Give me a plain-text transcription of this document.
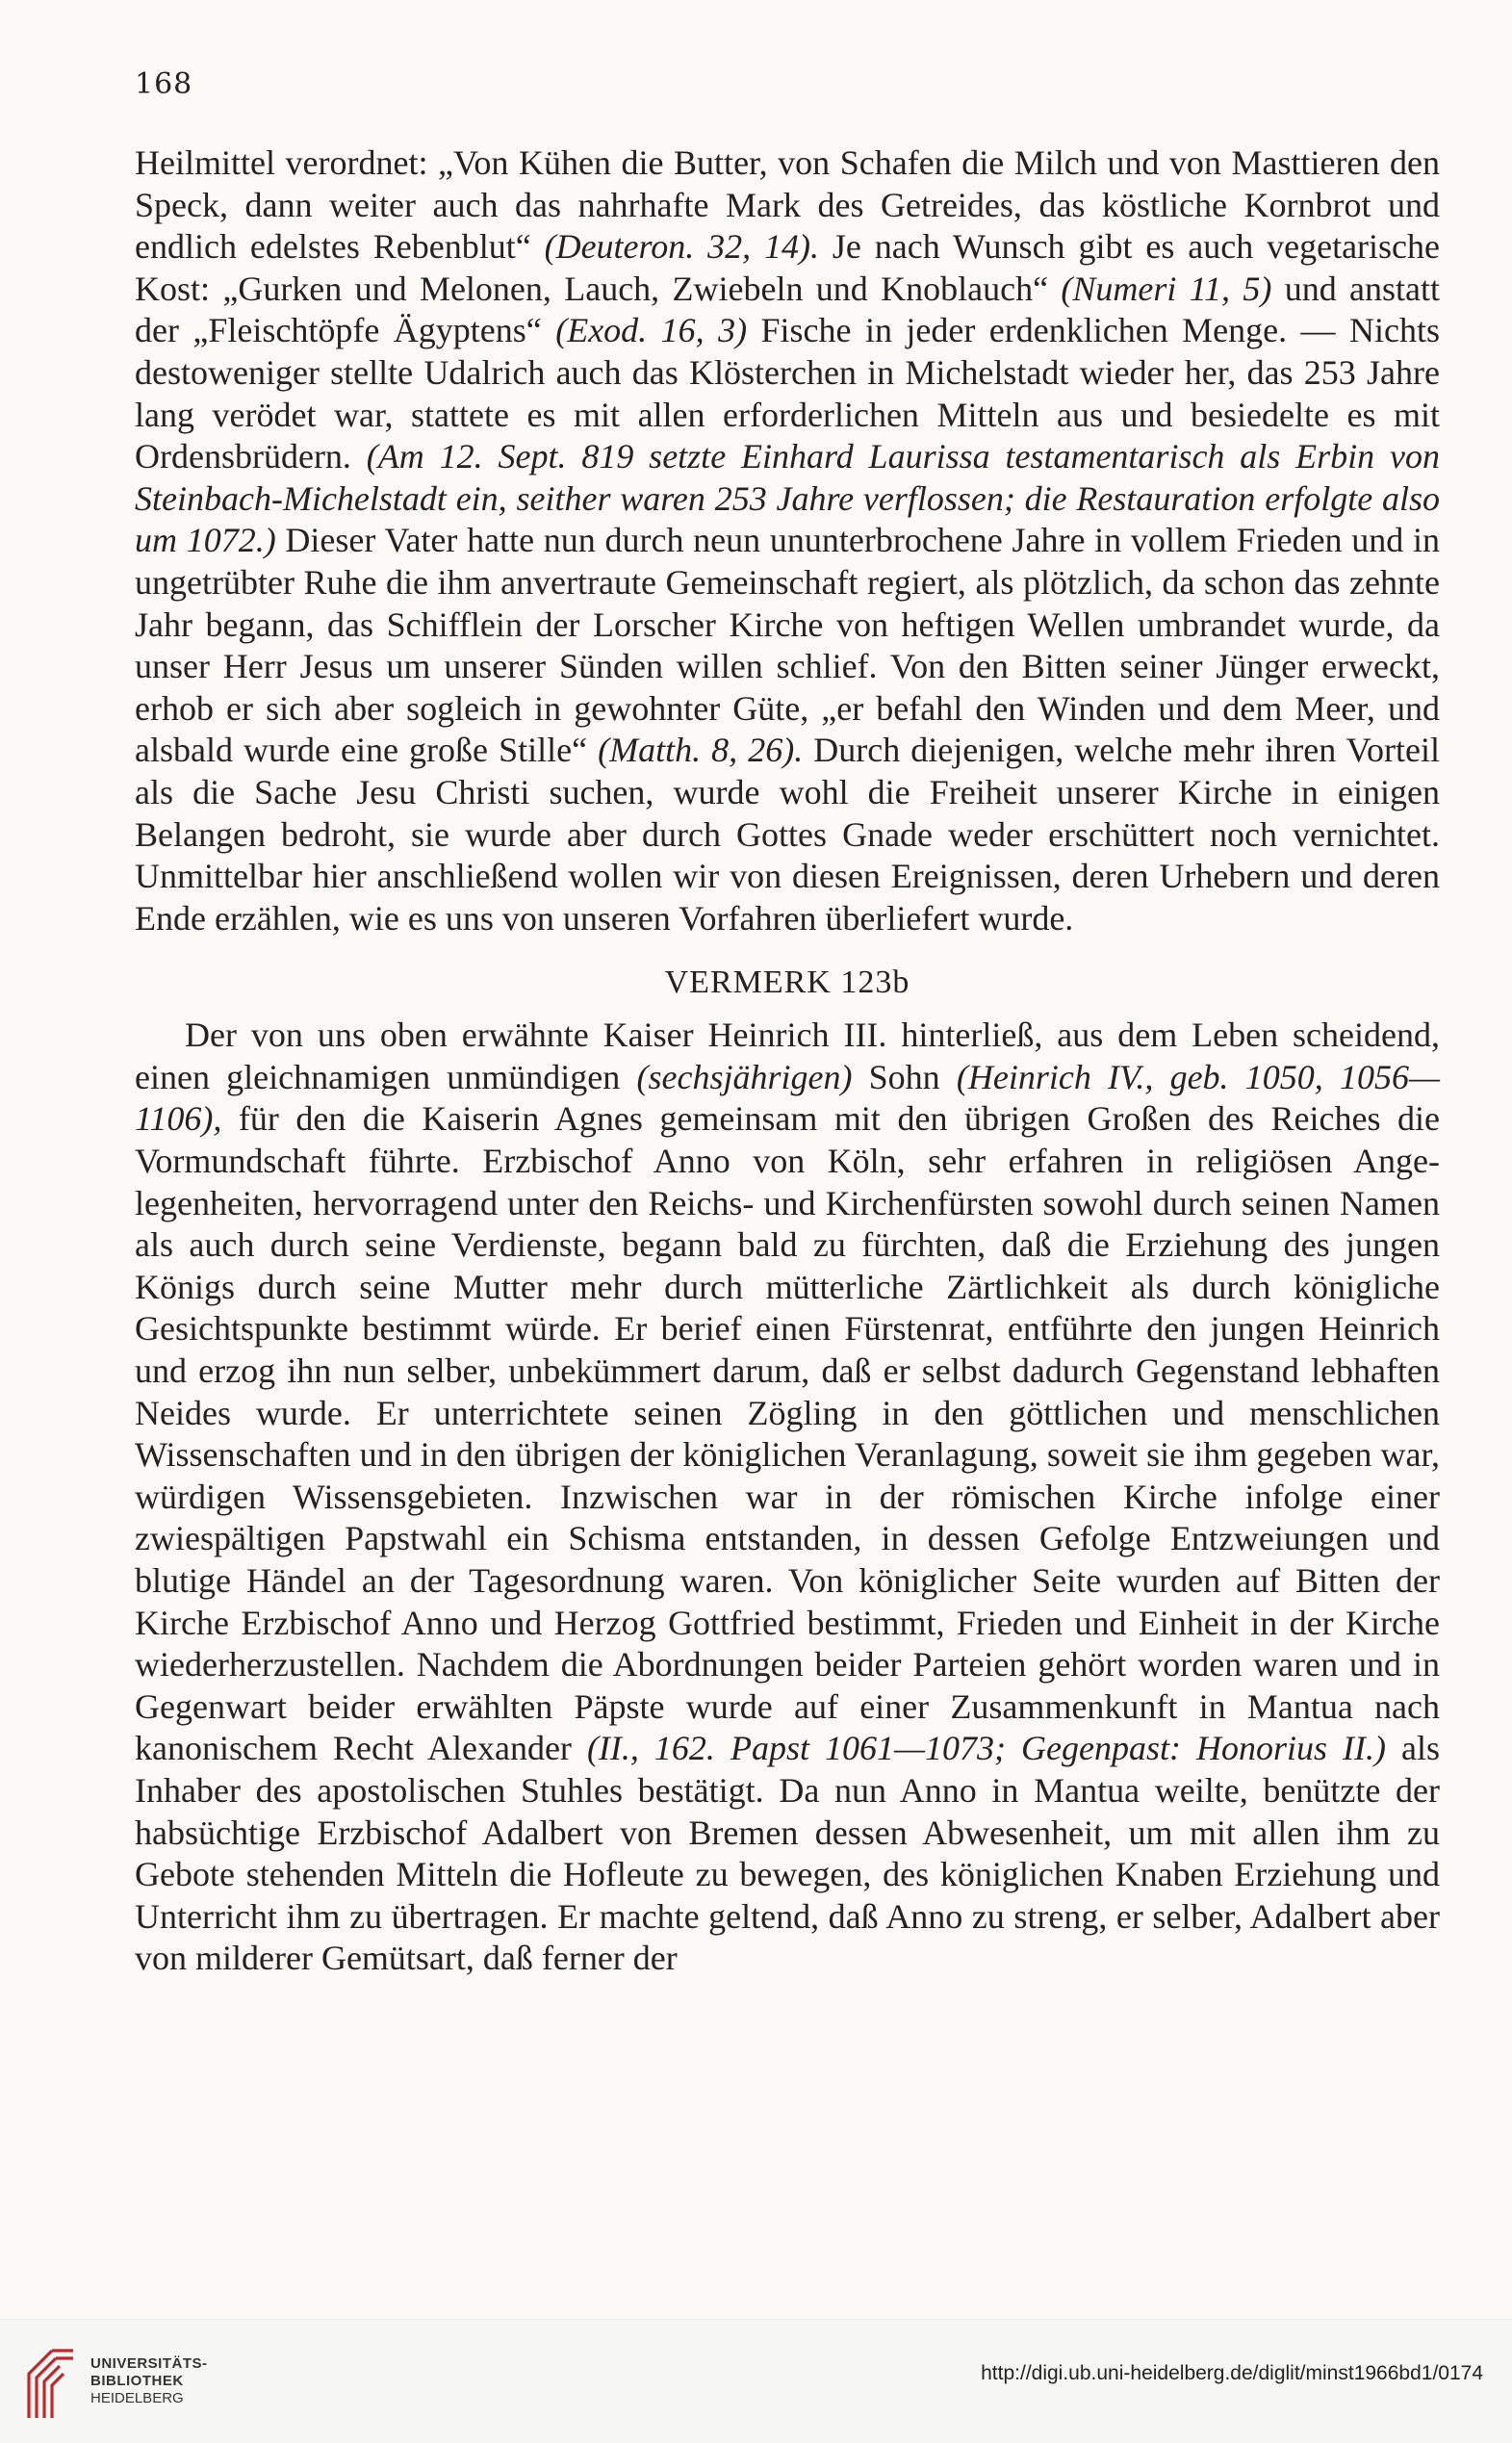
168

Heilmittel verordnet: „Von Kühen die Butter, von Schafen die Milch und von Masttieren den Speck, dann weiter auch das nahrhafte Mark des Getreides, das köstliche Kornbrot und endlich edelstes Rebenblut“ (Deuteron. 32, 14). Je nach Wunsch gibt es auch vegetarische Kost: „Gurken und Melonen, Lauch, Zwiebeln und Knoblauch“ (Numeri 11, 5) und anstatt der „Fleischtöpfe Ägyptens“ (Exod. 16, 3) Fische in jeder erdenklichen Menge. — Nichts destoweniger stellte Udalrich auch das Klösterchen in Michelstadt wieder her, das 253 Jahre lang verödet war, stattete es mit allen erforderlichen Mitteln aus und besiedelte es mit Ordensbrüdern. (Am 12. Sept. 819 setzte Einhard Laurissa testamentarisch als Erbin von Steinbach-Michelstadt ein, seither waren 253 Jahre verflossen; die Restauration erfolgte also um 1072.) Dieser Vater hatte nun durch neun ununterbrochene Jahre in vollem Frieden und in ungetrübter Ruhe die ihm anvertraute Gemeinschaft regiert, als plötzlich, da schon das zehnte Jahr begann, das Schifflein der Lorscher Kirche von heftigen Wellen umbrandet wurde, da unser Herr Jesus um unserer Sünden willen schlief. Von den Bitten seiner Jünger erweckt, erhob er sich aber sogleich in gewohnter Güte, „er befahl den Winden und dem Meer, und alsbald wurde eine große Stille“ (Matth. 8, 26). Durch diejenigen, welche mehr ihren Vorteil als die Sache Jesu Christi suchen, wurde wohl die Freiheit unserer Kirche in einigen Belangen bedroht, sie wurde aber durch Gottes Gnade weder erschüttert noch vernichtet. Unmittelbar hier anschließend wollen wir von diesen Ereignissen, deren Urhebern und deren Ende erzählen, wie es uns von unseren Vorfahren überliefert wurde.

VERMERK 123b

Der von uns oben erwähnte Kaiser Heinrich III. hinterließ, aus dem Leben scheidend, einen gleichnamigen unmündigen (sechsjährigen) Sohn (Heinrich IV., geb. 1050, 1056—1106), für den die Kaiserin Agnes gemeinsam mit den übrigen Großen des Reiches die Vormundschaft führte. Erzbischof Anno von Köln, sehr erfahren in religiösen Angelegenheiten, hervorragend unter den Reichs- und Kirchenfürsten sowohl durch seinen Namen als auch durch seine Verdienste, begann bald zu fürchten, daß die Erziehung des jungen Königs durch seine Mutter mehr durch mütterliche Zärtlichkeit als durch königliche Gesichtspunkte bestimmt würde. Er berief einen Fürstenrat, entführte den jungen Heinrich und erzog ihn nun selber, unbekümmert darum, daß er selbst dadurch Gegenstand lebhaften Neides wurde. Er unterrichtete seinen Zögling in den göttlichen und menschlichen Wissenschaften und in den übrigen der königlichen Veranlagung, soweit sie ihm gegeben war, würdigen Wissensgebieten. Inzwischen war in der römischen Kirche infolge einer zwiespältigen Papstwahl ein Schisma entstanden, in dessen Gefolge Entzweiungen und blutige Händel an der Tagesordnung waren. Von königlicher Seite wurden auf Bitten der Kirche Erzbischof Anno und Herzog Gottfried bestimmt, Frieden und Einheit in der Kirche wiederherzustellen. Nachdem die Abordnungen beider Parteien gehört worden waren und in Gegenwart beider erwählten Päpste wurde auf einer Zusammenkunft in Mantua nach kanonischem Recht Alexander (II., 162. Papst 1061—1073; Gegenpast: Honorius II.) als Inhaber des apostolischen Stuhles bestätigt. Da nun Anno in Mantua weilte, benützte der habsüchtige Erzbischof Adalbert von Bremen dessen Abwesenheit, um mit allen ihm zu Gebote stehenden Mitteln die Hofleute zu bewegen, des königlichen Knaben Erziehung und Unterricht ihm zu übertragen. Er machte geltend, daß Anno zu streng, er selber, Adalbert aber von milderer Gemütsart, daß ferner der

UNIVERSITÄTS-
BIBLIOTHEK
HEIDELBERG
http://digi.ub.uni-heidelberg.de/diglit/minst1966bd1/0174
